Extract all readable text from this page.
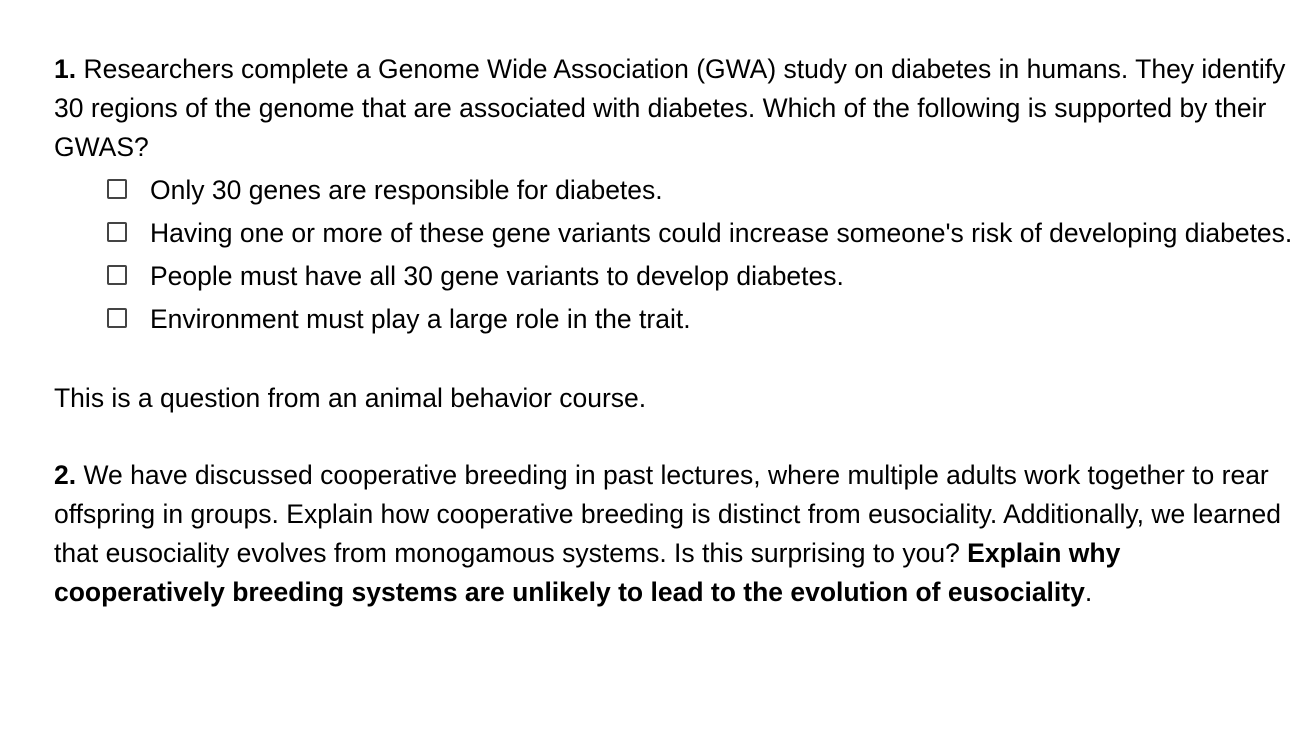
1. Researchers complete a Genome Wide Association (GWA) study on diabetes in humans. They identify 30 regions of the genome that are associated with diabetes. Which of the following is supported by their GWAS?

Only 30 genes are responsible for diabetes.
Having one or more of these gene variants could increase someone's risk of developing diabetes.
People must have all 30 gene variants to develop diabetes.
Environment must play a large role in the trait.

This is a question from an animal behavior course.

2. We have discussed cooperative breeding in past lectures, where multiple adults work together to rear offspring in groups. Explain how cooperative breeding is distinct from eusociality. Additionally, we learned that eusociality evolves from monogamous systems. Is this surprising to you? Explain why cooperatively breeding systems are unlikely to lead to the evolution of eusociality.
